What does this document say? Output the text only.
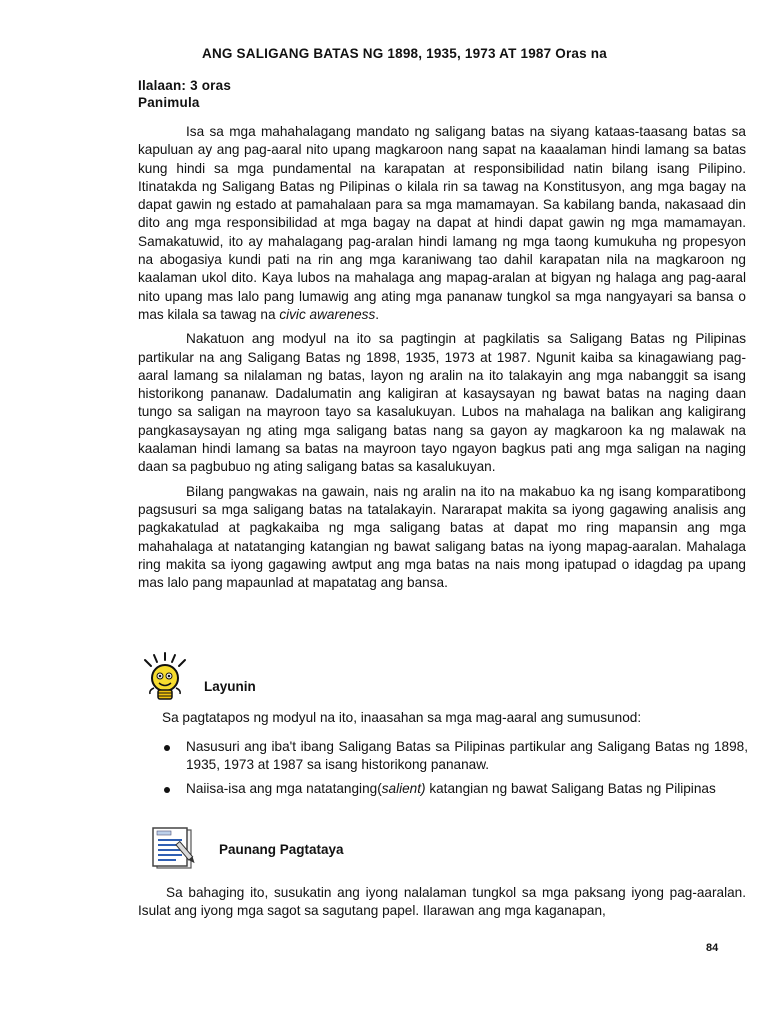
ANG SALIGANG BATAS NG 1898, 1935, 1973 AT 1987 Oras na
Ilalaan: 3 oras
Panimula

Isa sa mga mahahalagang mandato ng saligang batas na siyang kataas-taasang batas sa kapuluan ay ang pag-aaral nito upang magkaroon nang sapat na kaaalaman hindi lamang sa batas kung hindi sa mga pundamental na karapatan at responsibilidad natin bilang isang Pilipino. Itinatakda ng Saligang Batas ng Pilipinas o kilala rin sa tawag na Konstitusyon, ang mga bagay na dapat gawin ng estado at pamahalaan para sa mga mamamayan. Sa kabilang banda, nakasaad din dito ang mga responsibilidad at mga bagay na dapat at hindi dapat gawin ng mga mamamayan. Samakatuwid, ito ay mahalagang pag-aralan hindi lamang ng mga taong kumukuha ng propesyon na abogasiya kundi pati na rin ang mga karaniwang tao dahil karapatan nila na magkaroon ng kaalaman ukol dito. Kaya lubos na mahalaga ang mapag-aralan at bigyan ng halaga ang pag-aaral nito upang mas lalo pang lumawig ang ating mga pananaw tungkol sa mga nangyayari sa bansa o mas kilala sa tawag na civic awareness.

Nakatuon ang modyul na ito sa pagtingin at pagkilatis sa Saligang Batas ng Pilipinas partikular na ang Saligang Batas ng 1898, 1935, 1973 at 1987. Ngunit kaiba sa kinagawiang pag-aaral lamang sa nilalaman ng batas, layon ng aralin na ito talakayin ang mga nabanggit sa isang historikong pananaw. Dadalumatin ang kaligiran at kasaysayan ng bawat batas na naging daan tungo sa saligan na mayroon tayo sa kasalukuyan. Lubos na mahalaga na balikan ang kaligirang pangkasaysayan ng ating mga saligang batas nang sa gayon ay magkaroon ka ng malawak na kaalaman hindi lamang sa batas na mayroon tayo ngayon bagkus pati ang mga saligan na naging daan sa pagbubuo ng ating saligang batas sa kasalukuyan.

Bilang pangwakas na gawain, nais ng aralin na ito na makabuo ka ng isang komparatibong pagsusuri sa mga saligang batas na tatalakayin. Nararapat makita sa iyong gagawing analisis ang pagkakatulad at pagkakaiba ng mga saligang batas at dapat mo ring mapansin ang mga mahahalaga at natatanging katangian ng bawat saligang batas na iyong mapag-aaralan. Mahalaga ring makita sa iyong gagawing awtput ang mga batas na nais mong ipatupad o idagdag pa upang mas lalo pang mapaunlad at mapatatag ang bansa.

Layunin
Sa pagtatapos ng modyul na ito, inaasahan sa mga mag-aaral ang sumusunod:
Nasusuri ang iba't ibang Saligang Batas sa Pilipinas partikular ang Saligang Batas ng 1898, 1935, 1973 at 1987 sa isang historikong pananaw.
Naiisa-isa ang mga natatanging(salient) katangian ng bawat Saligang Batas ng Pilipinas
Paunang Pagtataya

Sa bahaging ito, susukatin ang iyong nalalaman tungkol sa mga paksang iyong pag-aaralan. Isulat ang iyong mga sagot sa sagutang papel. Ilarawan ang mga kaganapan,

84
